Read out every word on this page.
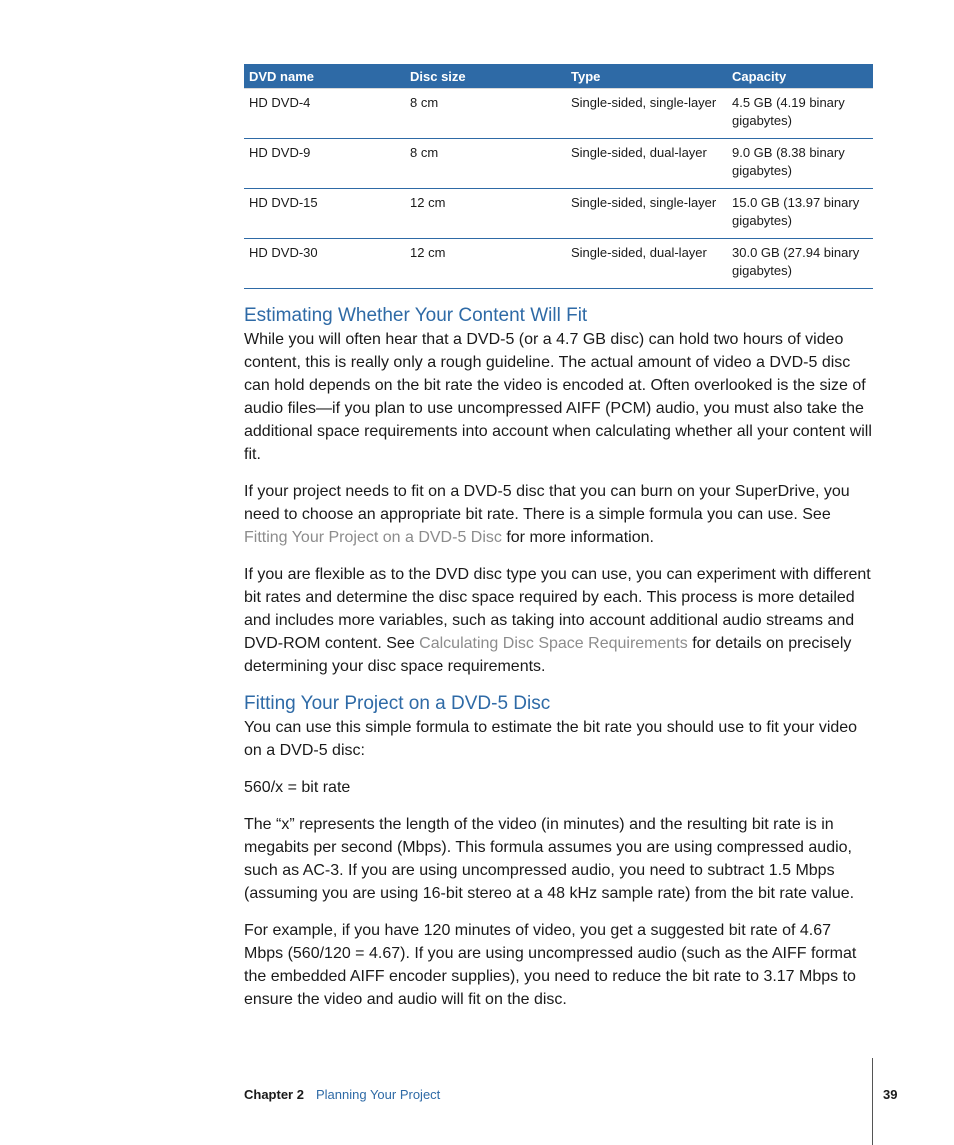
DVD name	Disc size	Type	Capacity
HD DVD-4	8 cm	Single-sided, single-layer	4.5 GB (4.19 binary gigabytes)
HD DVD-9	8 cm	Single-sided, dual-layer	9.0 GB (8.38 binary gigabytes)
HD DVD-15	12 cm	Single-sided, single-layer	15.0 GB (13.97 binary gigabytes)
HD DVD-30	12 cm	Single-sided, dual-layer	30.0 GB (27.94 binary gigabytes)
Estimating Whether Your Content Will Fit

While you will often hear that a DVD-5 (or a 4.7 GB disc) can hold two hours of video content, this is really only a rough guideline. The actual amount of video a DVD-5 disc can hold depends on the bit rate the video is encoded at. Often overlooked is the size of audio files—if you plan to use uncompressed AIFF (PCM) audio, you must also take the additional space requirements into account when calculating whether all your content will fit.

If your project needs to fit on a DVD-5 disc that you can burn on your SuperDrive, you need to choose an appropriate bit rate. There is a simple formula you can use. See Fitting Your Project on a DVD-5 Disc for more information.

If you are flexible as to the DVD disc type you can use, you can experiment with different bit rates and determine the disc space required by each. This process is more detailed and includes more variables, such as taking into account additional audio streams and DVD-ROM content. See Calculating Disc Space Requirements for details on precisely determining your disc space requirements.

Fitting Your Project on a DVD-5 Disc

You can use this simple formula to estimate the bit rate you should use to fit your video on a DVD-5 disc:

560/x = bit rate

The “x” represents the length of the video (in minutes) and the resulting bit rate is in megabits per second (Mbps). This formula assumes you are using compressed audio, such as AC-3. If you are using uncompressed audio, you need to subtract 1.5 Mbps (assuming you are using 16-bit stereo at a 48 kHz sample rate) from the bit rate value.

For example, if you have 120 minutes of video, you get a suggested bit rate of 4.67 Mbps (560/120 = 4.67). If you are using uncompressed audio (such as the AIFF format the embedded AIFF encoder supplies), you need to reduce the bit rate to 3.17 Mbps to ensure the video and audio will fit on the disc.

Chapter 2 Planning Your Project	39
